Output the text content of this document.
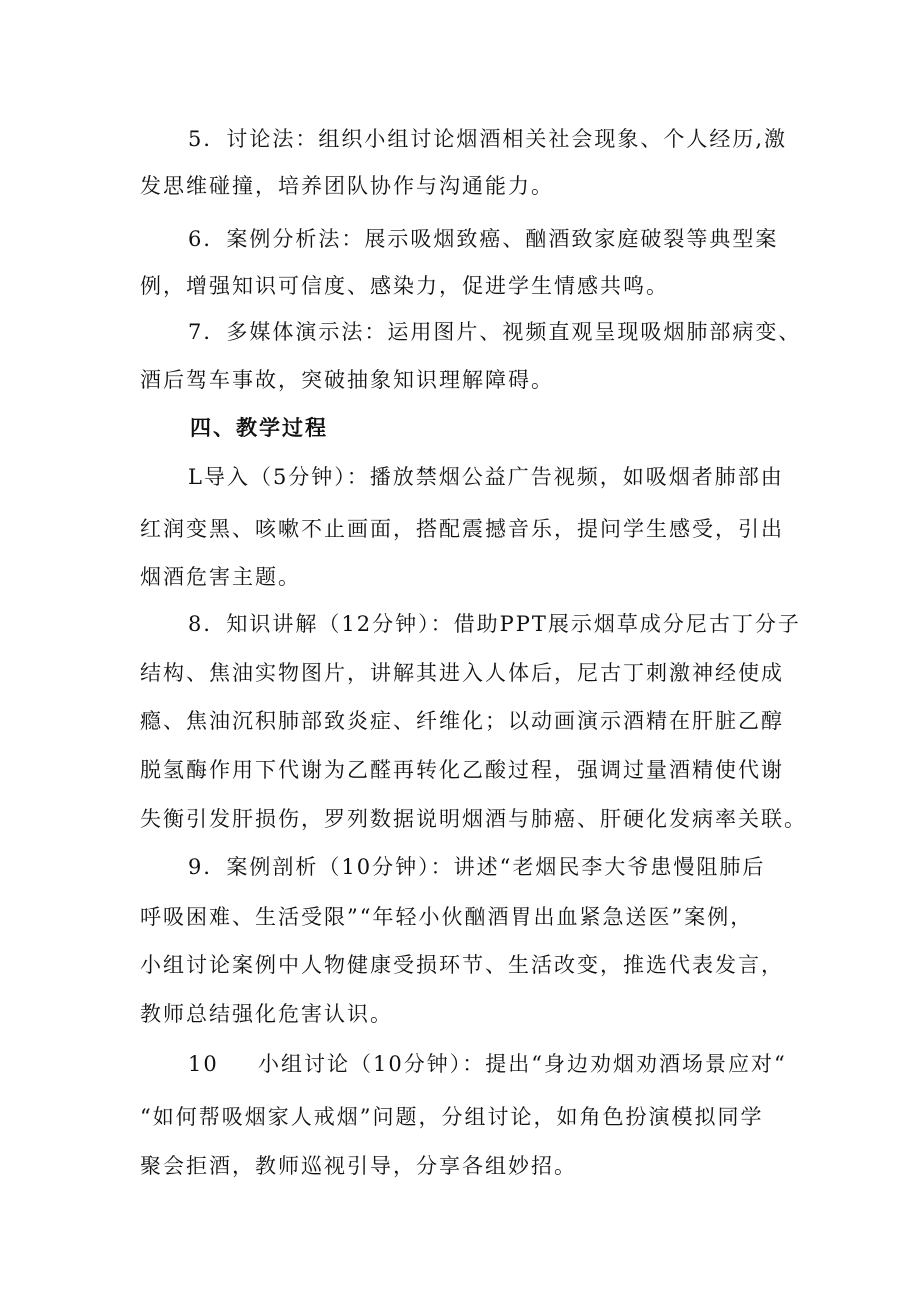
5．讨论法：组织小组讨论烟酒相关社会现象、个人经历,激
发思维碰撞，培养团队协作与沟通能力。
6．案例分析法：展示吸烟致癌、酗酒致家庭破裂等典型案
例，增强知识可信度、感染力，促进学生情感共鸣。
7．多媒体演示法：运用图片、视频直观呈现吸烟肺部病变、
酒后驾车事故，突破抽象知识理解障碍。
四、教学过程
L导入（5分钟）：播放禁烟公益广告视频，如吸烟者肺部由
红润变黑、咳嗽不止画面，搭配震撼音乐，提问学生感受，引出
烟酒危害主题。
8．知识讲解（12分钟）：借助PPT展示烟草成分尼古丁分子
结构、焦油实物图片，讲解其进入人体后，尼古丁刺激神经使成
瘾、焦油沉积肺部致炎症、纤维化；以动画演示酒精在肝脏乙醇
脱氢酶作用下代谢为乙醛再转化乙酸过程，强调过量酒精使代谢
失衡引发肝损伤，罗列数据说明烟酒与肺癌、肝硬化发病率关联。
9．案例剖析（10分钟）：讲述“老烟民李大爷患慢阻肺后
呼吸困难、生活受限”“年轻小伙酗酒胃出血紧急送医”案例，
小组讨论案例中人物健康受损环节、生活改变，推选代表发言，
教师总结强化危害认识。
10 小组讨论（10分钟）：提出“身边劝烟劝酒场景应对“
“如何帮吸烟家人戒烟”问题，分组讨论，如角色扮演模拟同学
聚会拒酒，教师巡视引导，分享各组妙招。
